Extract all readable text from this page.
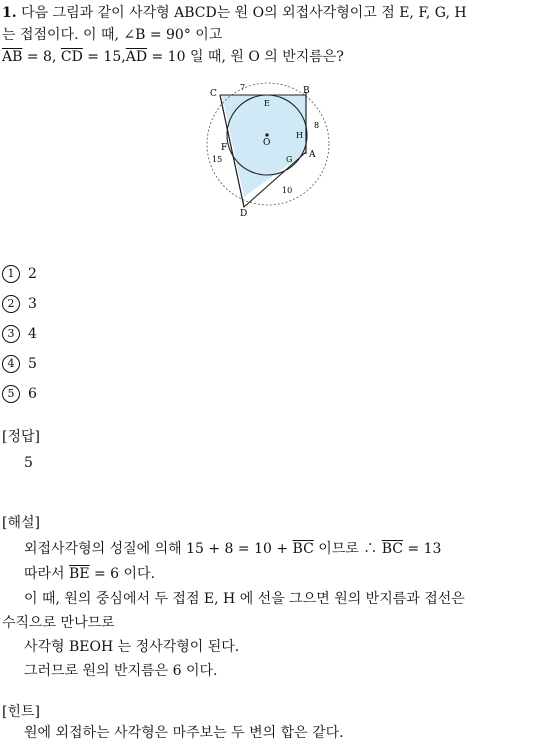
1. 다음 그림과 같이 사각형 ABCD는 원 O의 외접사각형이고 점 E, F, G, H
는 접점이다. 이 때, ∠B = 90° 이고
$\overline{AB} = 8$, $\overline{CD} = 15,\overline{AD} = 10$ 일 때, 원 O 의 반지름은?
C	B
E
O
F
H
G A
D
7
8
15
10
1 2
2 3
3 4
4 5
5 6
[정답]
5
[해설]
외접사각형의 성질에 의해 $15 + 8 = 10 + \overline{BC}$ 이므로 ∴ $\overline{BC} = 13$
따라서 $\overline{BE} = 6$ 이다.
이 때, 원의 중심에서 두 접점 E, H 에 선을 그으면 원의 반지름과 접선은
수직으로 만나므로
사각형 BEOH 는 정사각형이 된다.
그러므로 원의 반지름은 6 이다.
[힌트]
원에 외접하는 사각형은 마주보는 두 변의 합은 같다.
